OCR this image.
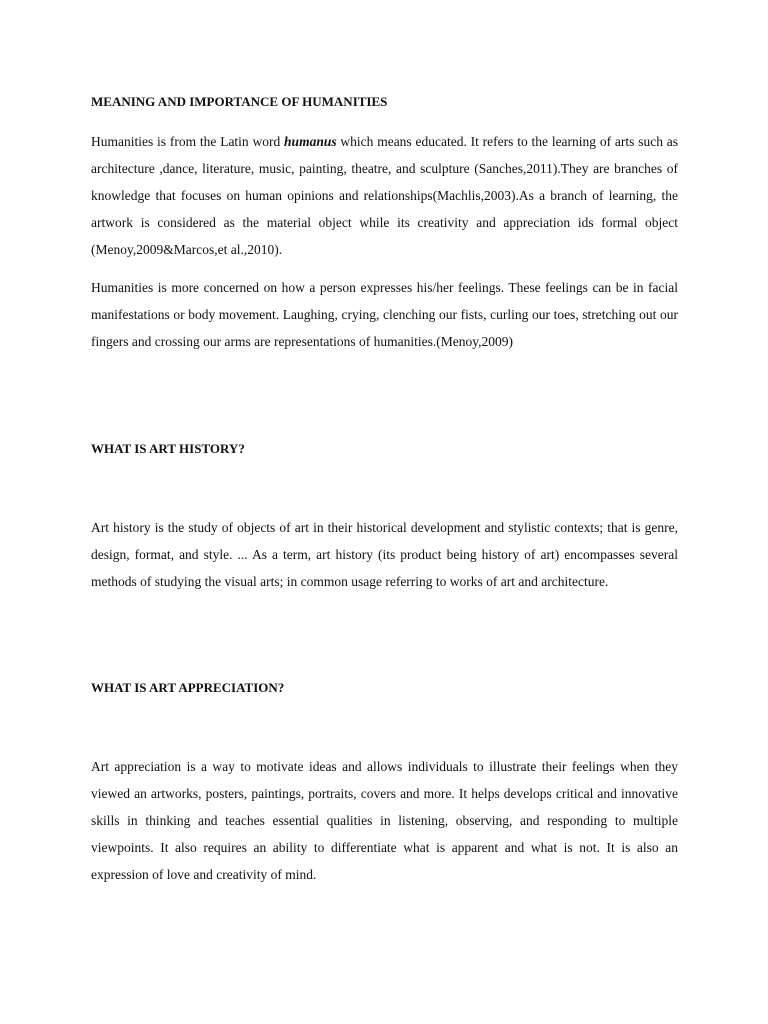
MEANING AND IMPORTANCE OF HUMANITIES

Humanities is from the Latin word humanus which means educated. It refers to the learning of arts such as architecture ,dance, literature, music, painting, theatre, and sculpture (Sanches,2011).They are branches of knowledge that focuses on human opinions and relationships(Machlis,2003).As a branch of learning, the artwork is considered as the material object while its creativity and appreciation ids formal object (Menoy,2009&Marcos,et al.,2010).

Humanities is more concerned on how a person expresses his/her feelings. These feelings can be in facial manifestations or body movement. Laughing, crying, clenching our fists, curling our toes, stretching out our fingers and crossing our arms are representations of humanities.(Menoy,2009)

WHAT IS ART HISTORY?

Art history is the study of objects of art in their historical development and stylistic contexts; that is genre, design, format, and style. ... As a term, art history (its product being history of art) encompasses several methods of studying the visual arts; in common usage referring to works of art and architecture.

WHAT IS ART APPRECIATION?

Art appreciation is a way to motivate ideas and allows individuals to illustrate their feelings when they viewed an artworks, posters, paintings, portraits, covers and more. It helps develops critical and innovative skills in thinking and teaches essential qualities in listening, observing, and responding to multiple viewpoints. It also requires an ability to differentiate what is apparent and what is not. It is also an expression of love and creativity of mind.
